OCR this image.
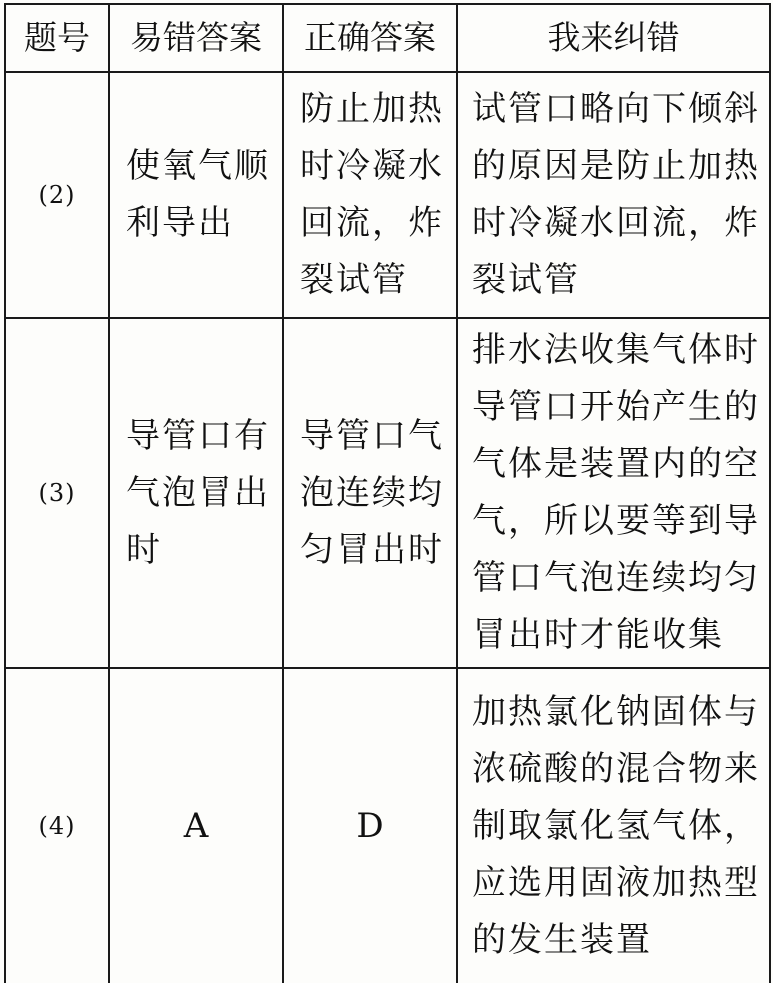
题号	易错答案	正确答案	我来纠错
(2)	使氧气顺利导出	防止加热时冷凝水回流，炸裂试管	试管口略向下倾斜的原因是防止加热时冷凝水回流，炸裂试管

(3)	导管口有气泡冒出时	导管口气泡连续均匀冒出时	排水法收集气体时导管口开始产生的气体是装置内的空气，所以要等到导管口气泡连续均匀冒出时才能收集

(4)	A	D	加热氯化钠固体与浓硫酸的混合物来制取氯化氢气体，应选用固液加热型的发生装置
